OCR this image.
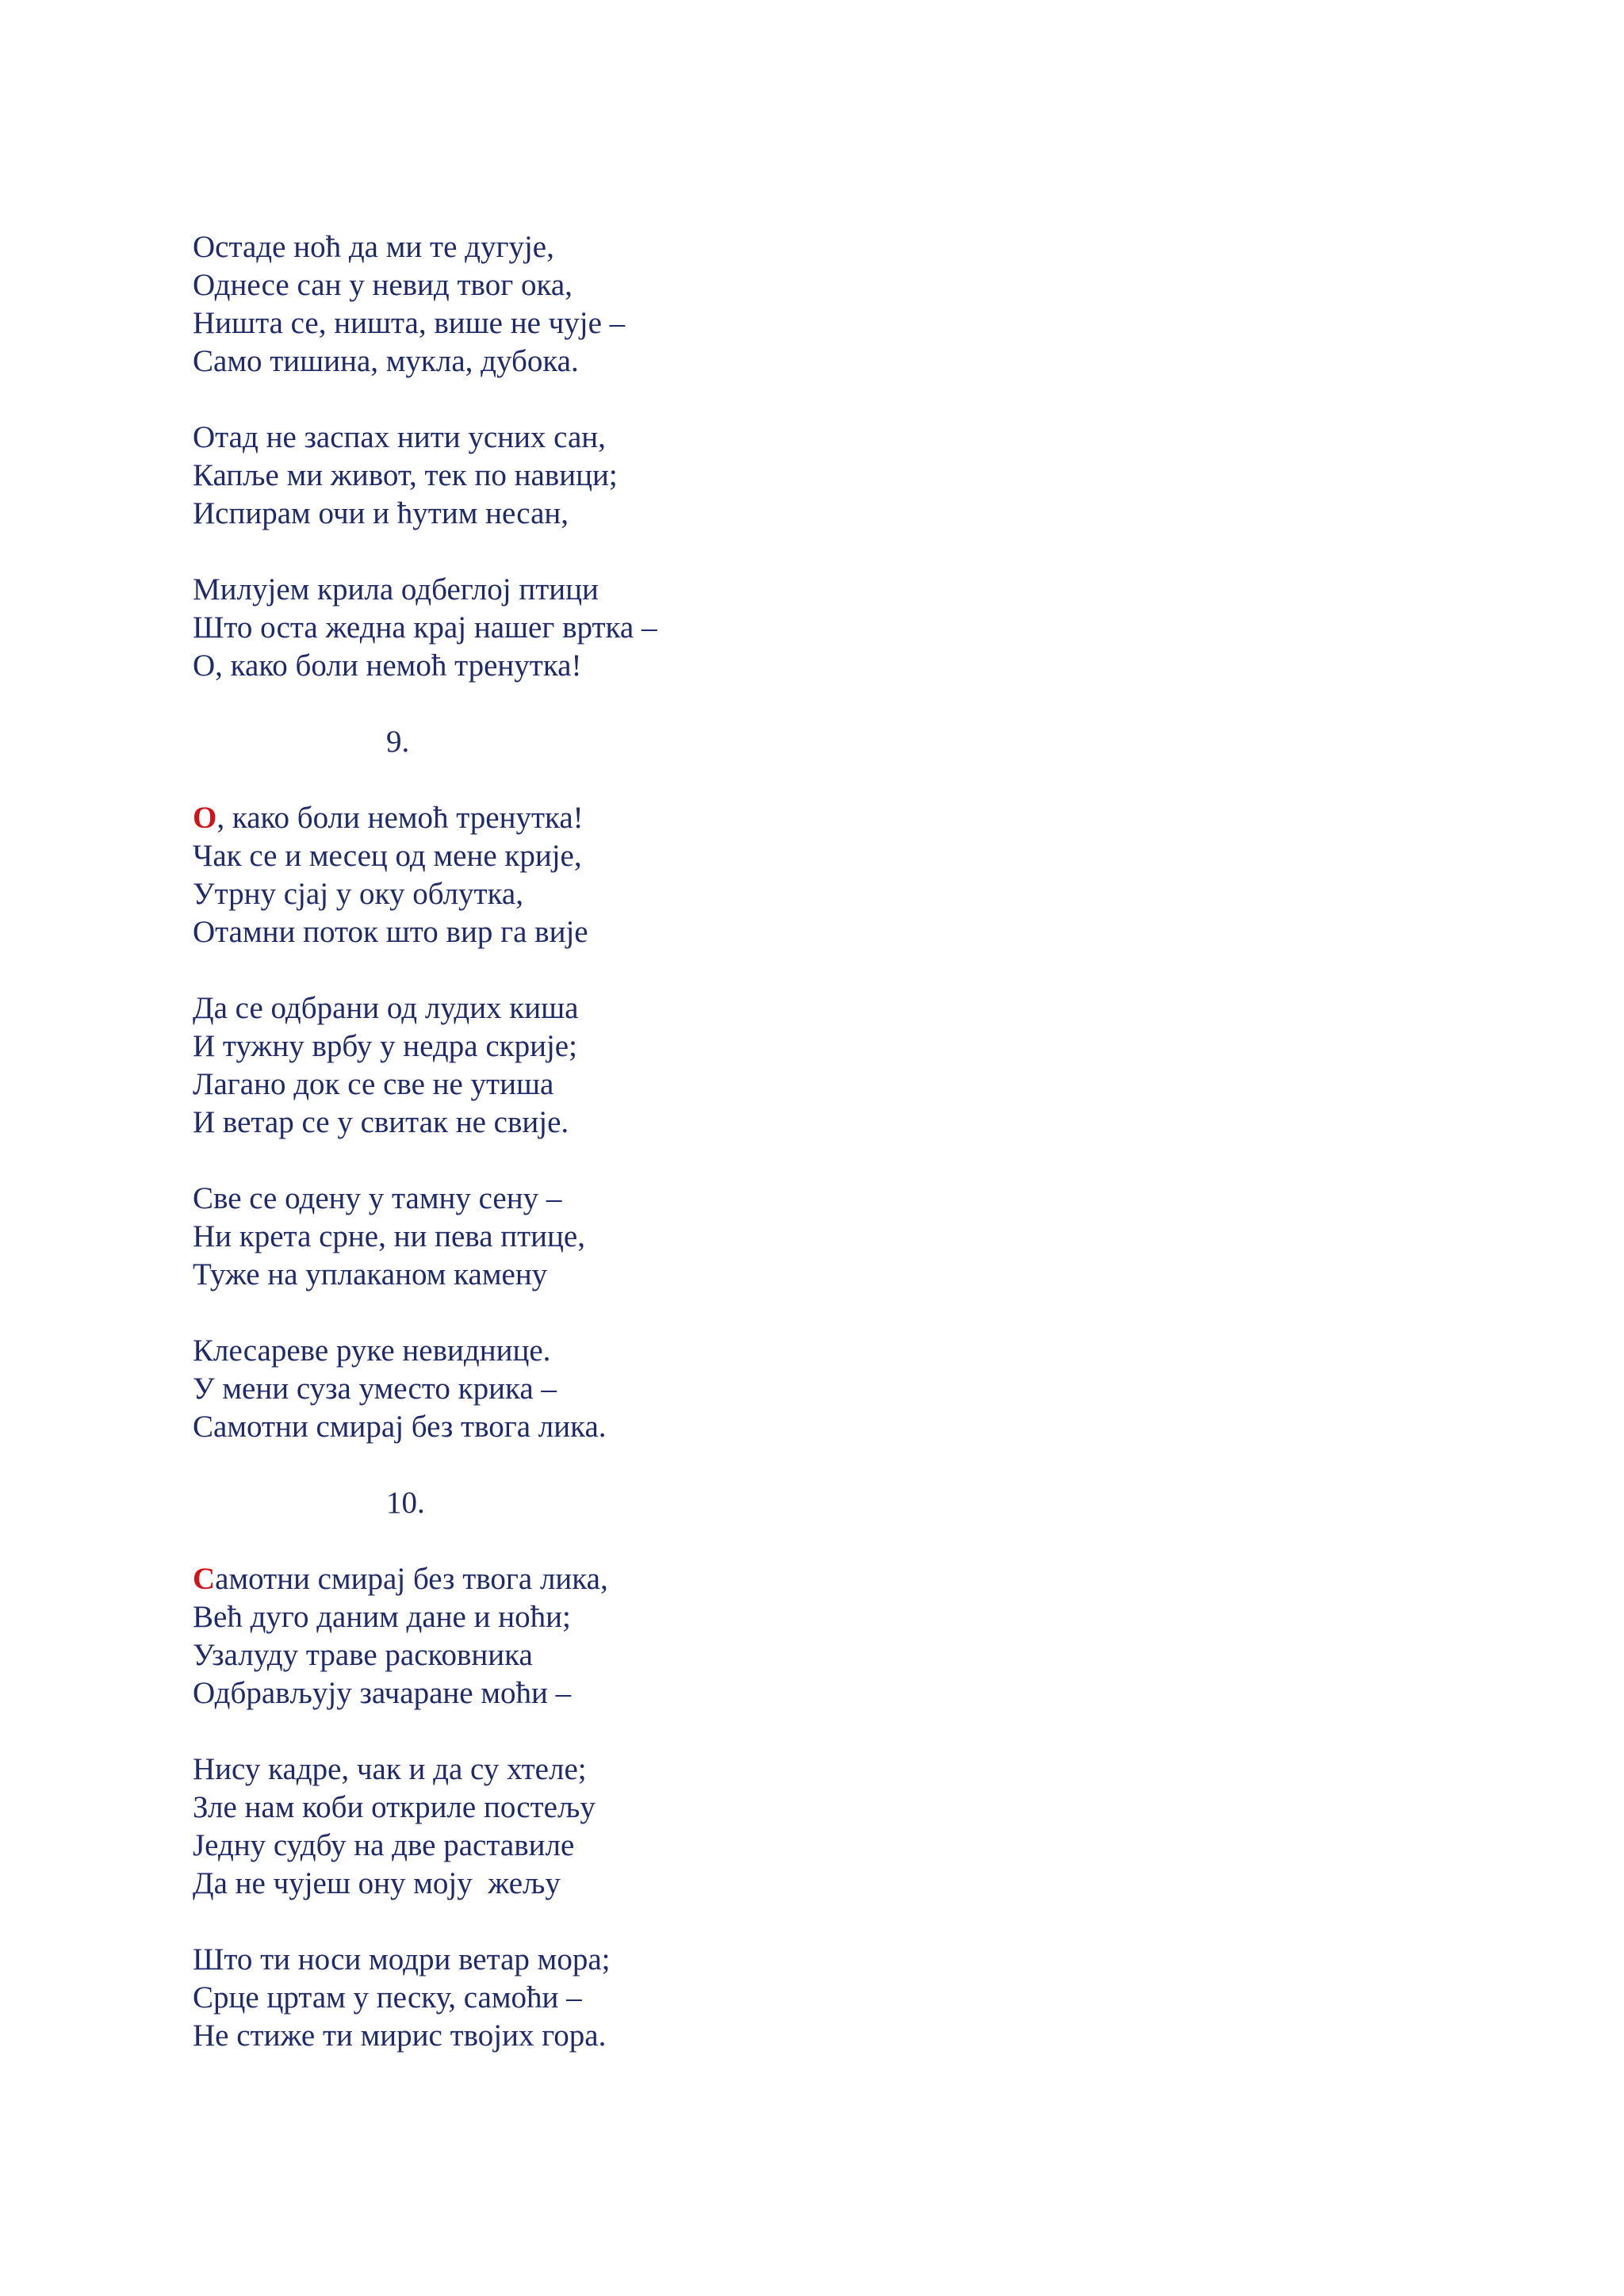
Остаде ноћ да ми те дугује,
Однесе сан у невид твог ока,
Ништа се, ништа, више не чује –
Само тишина, мукла, дубока.
Отад не заспах нити усних сан,
Капље ми живот, тек по навици;
Испирам очи и ћутим несан,
Милујем крила одбеглој птици
Што оста жедна крај нашег вртка –
О, како боли немоћ тренутка!
9.
О, како боли немоћ тренутка!
Чак се и месец од мене крије,
Утрну сјај у оку облутка,
Отамни поток што вир га вије
Да се одбрани од лудих киша
И тужну врбу у недра скрије;
Лагано док се све не утиша
И ветар се у свитак не свије.
Све се одену у тамну сену –
Ни крета срне, ни пева птице,
Туже на уплаканом камену
Клесареве руке невиднице.
У мени суза уместо крика –
Самотни смирај без твога лика.
10.
Самотни смирај без твога лика,
Већ дуго даним дане и ноћи;
Узалуду траве расковника
Одбрављују зачаране моћи –
Нису кадре, чак и да су хтеле;
Зле нам коби откриле постељу
Једну судбу на две раставиле
Да не чујеш ону моју  жељу
Што ти носи модри ветар мора;
Срце цртам у песку, самоћи –
Не стиже ти мирис твојих гора.
